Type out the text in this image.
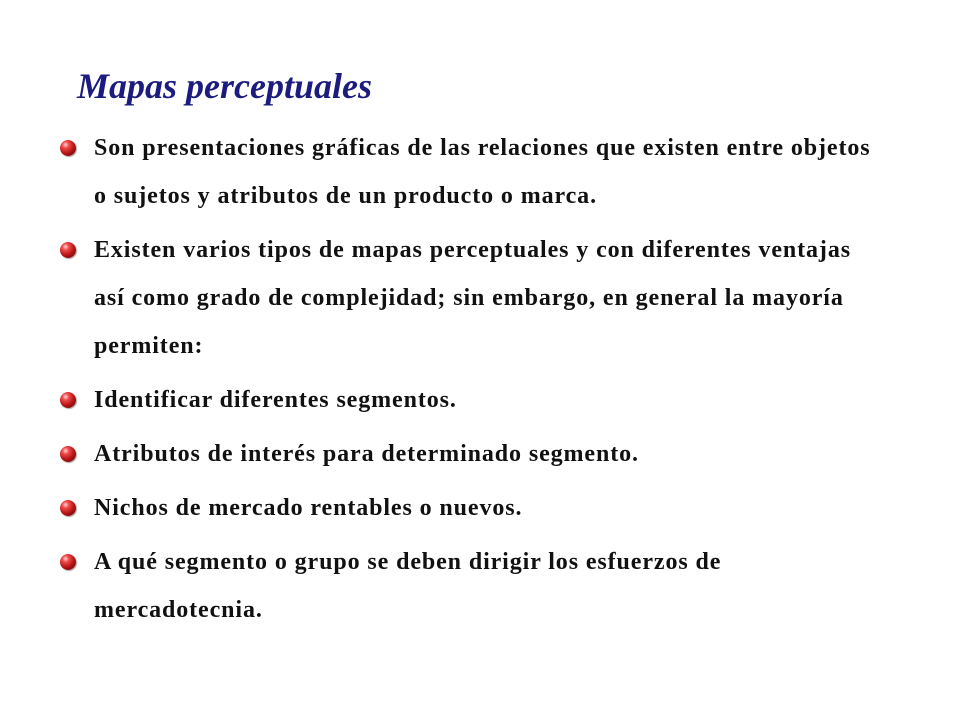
Mapas perceptuales
Son presentaciones gráficas de las relaciones que existen entre objetos o sujetos y atributos de un producto o marca.
Existen varios tipos de mapas perceptuales y con diferentes ventajas así como grado de complejidad; sin embargo, en general la mayoría permiten:
Identificar diferentes segmentos.
Atributos de interés para determinado segmento.
Nichos de mercado rentables o nuevos.
A qué segmento o grupo se deben dirigir los esfuerzos de mercadotecnia.
